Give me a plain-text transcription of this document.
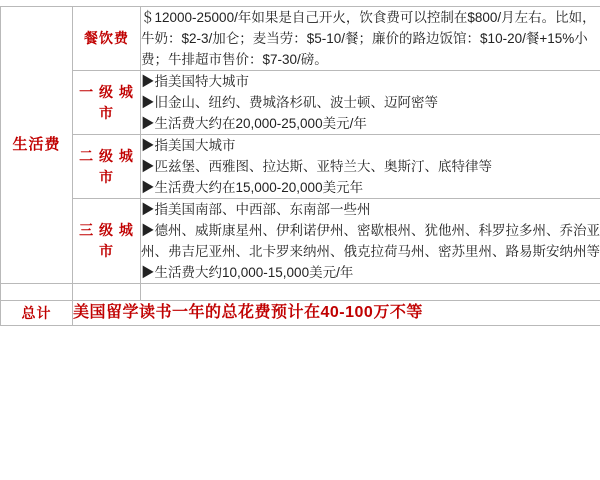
生活费	餐饮费	＄12000-25000/年如果是自己开火，饮食费可以控制在$800/月左右。比如，牛奶：$2-3/加仑；麦当劳：$5-10/餐；廉价的路边饭馆：$10-20/餐+15%小费；牛排超市售价：$7-30/磅。

	一 级 城 市	▶指美国特大城市

▶旧金山、纽约、费城洛杉矶、波士顿、迈阿密等

▶生活费大约在20,000-25,000美元/年

	二 级 城 市	▶指美国大城市

▶匹兹堡、西雅图、拉达斯、亚特兰大、奥斯汀、底特律等

▶生活费大约在15,000-20,000美元年

	三 级 城 市	▶指美国南部、中西部、东南部一些州

▶德州、威斯康星州、伊利诺伊州、密歇根州、犹他州、科罗拉多州、乔治亚州、弗吉尼亚州、北卡罗来纳州、俄克拉荷马州、密苏里州、路易斯安纳州等

▶生活费大约10,000-15,000美元/年

总计	美国留学读书一年的总花费预计在40-100万不等	
